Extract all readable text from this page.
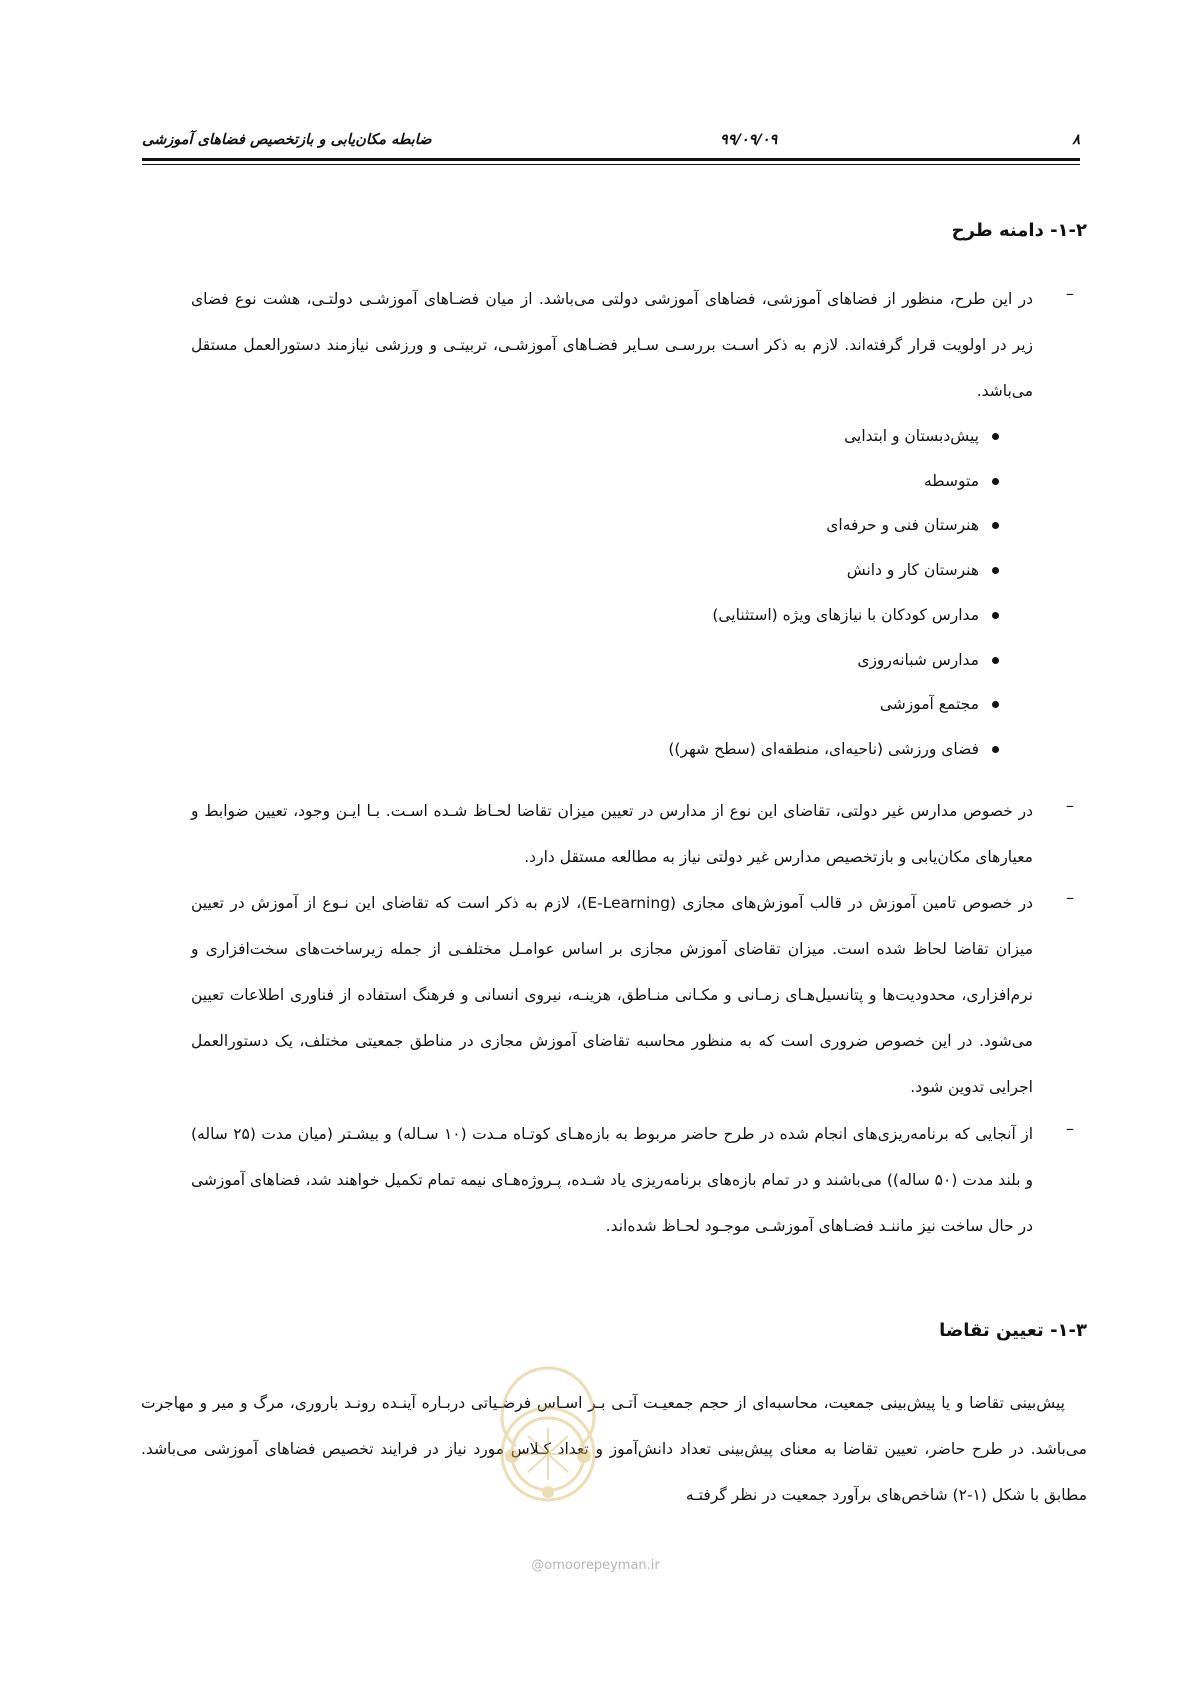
۸
۹۹/۰۹/۰۹
ضابطه مکان‌یابی و بازتخصیص فضاهای آموزشی
۱-۲- دامنه طرح
–
در این طرح، منظور از فضاهای آموزشی، فضاهای آموزشی دولتی می‌باشد. از میان فضـاهای آموزشـی دولتـی، هشت نوع فضای زیر در اولویت قرار گرفته‌اند. لازم به ذکر اسـت بررسـی سـایر فضـاهای آموزشـی، تربیتـی و ورزشی نیازمند دستورالعمل مستقل می‌باشد.
پیش‌دبستان و ابتدایی
متوسطه
هنرستان فنی و حرفه‌ای
هنرستان کار و دانش
مدارس کودکان با نیازهای ویژه (استثنایی)
مدارس شبانه‌روزی
مجتمع آموزشی
فضای ورزشی (ناحیه‌ای، منطقه‌ای (سطح شهر))
–
در خصوص مدارس غیر دولتی، تقاضای این نوع از مدارس در تعیین میزان تقاضا لحـاظ شـده اسـت. بـا ایـن وجود، تعیین ضوابط و معیارهای مکان‌یابی و بازتخصیص مدارس غیر دولتی نیاز به مطالعه مستقل دارد.
–
در خصوص تامین آموزش در قالب آموزش‌های مجازی (E-Learning)، لازم به ذکر است که تقاضای این نـوع از آموزش در تعیین میزان تقاضا لحاظ شده است. میزان تقاضای آموزش مجازی بر اساس عوامـل مختلفـی از جمله زیرساخت‌های سخت‌افزاری و نرم‌افزاری، محدودیت‌ها و پتانسیل‌هـای زمـانی و مکـانی منـاطق، هزینـه، نیروی انسانی و فرهنگ استفاده از فناوری اطلاعات تعیین می‌شود. در این خصوص ضروری است که به منظور محاسبه تقاضای آموزش مجازی در مناطق جمعیتی مختلف، یک دستورالعمل اجرایی تدوین شود.
–
از آنجایی که برنامه‌ریزی‌های انجام شده در طرح حاضر مربوط به بازه‌هـای کوتـاه مـدت (۱۰ سـاله) و بیشـتر (میان مدت (۲۵ ساله) و بلند مدت (۵۰ ساله)) می‌باشند و در تمام بازه‌های برنامه‌ریزی یاد شـده، پـروژه‌هـای نیمه تمام تکمیل خواهند شد، فضاهای آموزشی در حال ساخت نیز ماننـد فضـاهای آموزشـی موجـود لحـاظ شده‌اند.
۱-۳- تعیین تقاضا
پیش‌بینی تقاضا و یا پیش‌بینی جمعیت، محاسبه‌ای از حجم جمعیـت آتـی بـر اسـاس فرضـیاتی دربـاره آینـده رونـد باروری، مرگ و میر و مهاجرت می‌باشد. در طرح حاضر، تعیین تقاضا به معنای پیش‌بینی تعداد دانش‌آموز و تعداد کـلاس مورد نیاز در فرایند تخصیص فضاهای آموزشی می‌باشد. مطابق با شکل (۱-۲) شاخص‌های برآورد جمعیت در نظر گرفتـه
@omoorepeyman.ir
